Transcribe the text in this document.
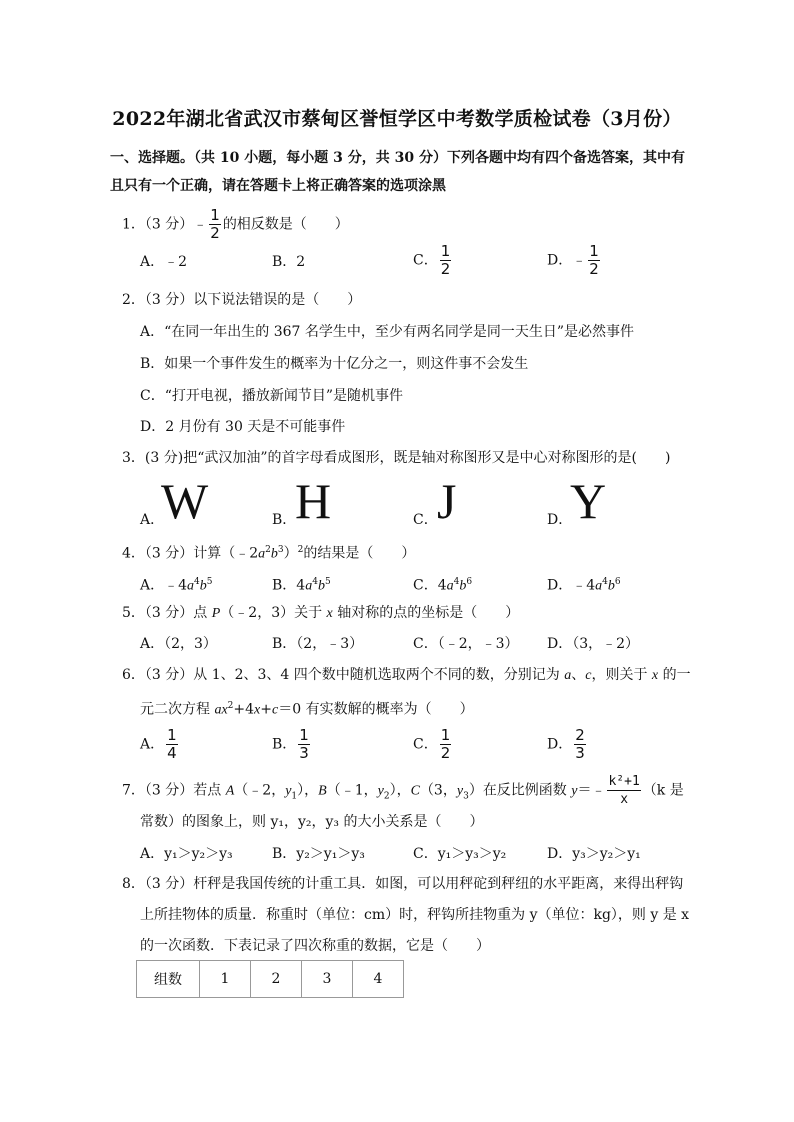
2022年湖北省武汉市蔡甸区誉恒学区中考数学质检试卷（3月份）
一、选择题。（共 10 小题，每小题 3 分，共 30 分）下列各题中均有四个备选答案，其中有
且只有一个正确，请在答题卡上将正确答案的选项涂黑
1．（3 分）﹣ $\frac{1}{2}$ 的相反数是（　　）
A．﹣2	B．2	C． $\frac{1}{2}$	D．﹣ $\frac{1}{2}$
2．（3 分）以下说法错误的是（　　）
A．“在同一年出生的 367 名学生中，至少有两名同学是同一天生日”是必然事件
B．如果一个事件发生的概率为十亿分之一，则这件事不会发生
C．“打开电视，播放新闻节目”是随机事件
D．2 月份有 30 天是不可能事件
3．(3 分)把“武汉加油”的首字母看成图形，既是轴对称图形又是中心对称图形的是(　　)
A．
W	B．
H	C． J	D．
Y
4．（3 分）计算$(﹣2a^2b^3)^2$的结果是（　　）
A．$﹣4a^4b^5$	B．$4a^4b^5$	C．$4a^4b^6$	D．$﹣4a^4b^6$
5．（3 分）点 P（﹣2，3）关于 x 轴对称的点的坐标是（　　）
A．（2，3）	B．（2，﹣3）	C．（﹣2，﹣3） D．（3，﹣2）
6．（3 分）从 1、2、3、4 四个数中随机选取两个不同的数，分别记为 a、c，则关于 x 的一
元二次方程 $ax^2+4x+c=0$ 有实数解的概率为（　　）
A． $\frac{1}{4}$	B． $\frac{1}{3}$	C． $\frac{1}{2}$	D． $\frac{2}{3}$
7．（3 分）若点 A（﹣2，$y_1$），B（﹣1，$y_2$），C（3，$y_3$）在反比例函数 y＝﹣ $\frac{\text{k²+1}}{x} (k$ 是
常数）的图象上，则 y₁，y₂，y₃ 的大小关系是（　　）
A．y₁＞y₂＞y₃	B．y₂＞y₁＞y₃	C．y₁＞y₃＞y₂	D．y₃＞y₂＞y₁
8．（3 分）杆秤是我国传统的计重工具．如图，可以用秤砣到秤纽的水平距离，来得出秤钩
上所挂物体的质量．称重时（单位：cm）时，秤钩所挂物重为 y（单位：kg），则 y 是 x
的一次函数．下表记录了四次称重的数据，它是（　　）
组数	1	2	3	4
